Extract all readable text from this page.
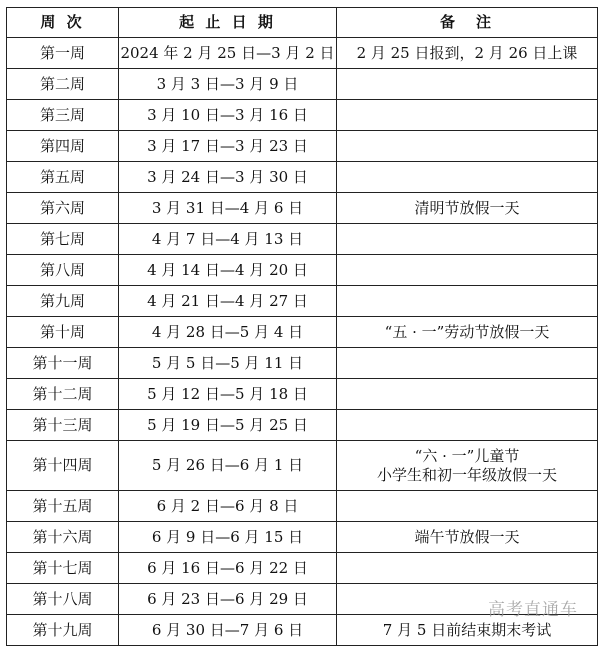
周 次	起 止 日 期	备　注
第一周	2024 年 2 月 25 日—3 月 2 日	2 月 25 日报到，2 月 26 日上课
第二周	3 月 3 日—3 月 9 日	
第三周	3 月 10 日—3 月 16 日	
第四周	3 月 17 日—3 月 23 日	
第五周	3 月 24 日—3 月 30 日	
第六周	3 月 31 日—4 月 6 日	清明节放假一天
第七周	4 月 7 日—4 月 13 日	
第八周	4 月 14 日—4 月 20 日	
第九周	4 月 21 日—4 月 27 日	
第十周	4 月 28 日—5 月 4 日	“五 · 一”劳动节放假一天
第十一周	5 月 5 日—5 月 11 日	
第十二周	5 月 12 日—5 月 18 日	
第十三周	5 月 19 日—5 月 25 日	
第十四周	5 月 26 日—6 月 1 日	“六 · 一”儿童节
小学生和初一年级放假一天

第十五周	6 月 2 日—6 月 8 日	
第十六周	6 月 9 日—6 月 15 日	端午节放假一天
第十七周	6 月 16 日—6 月 22 日	
第十八周	6 月 23 日—6 月 29 日	
第十九周	6 月 30 日—7 月 6 日	7 月 5 日前结束期末考试
高考直通车
